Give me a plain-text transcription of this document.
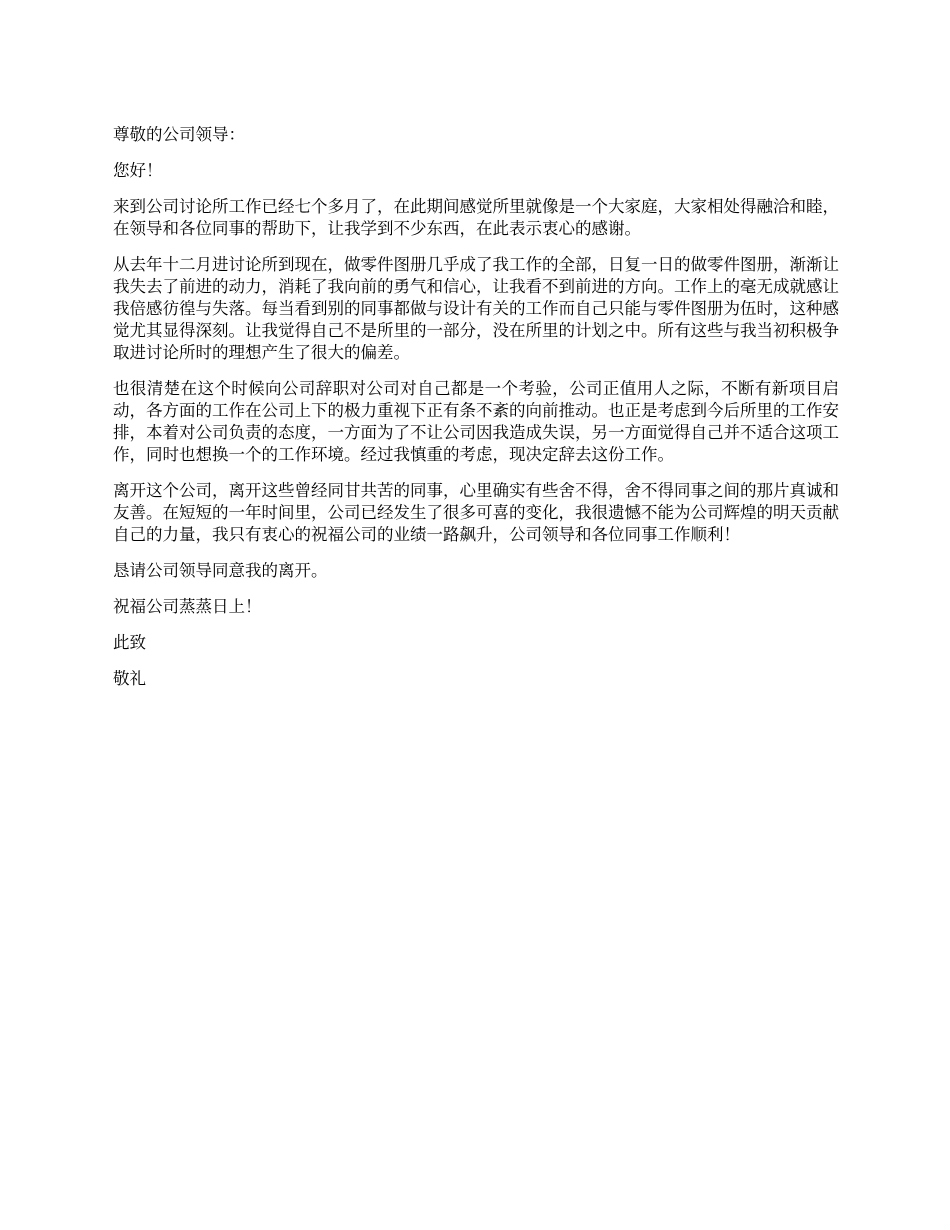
尊敬的公司领导：

您好！

来到公司讨论所工作已经七个多月了，在此期间感觉所里就像是一个大家庭，大家相处得融洽和睦，在领导和各位同事的帮助下，让我学到不少东西，在此表示衷心的感谢。

从去年十二月进讨论所到现在，做零件图册几乎成了我工作的全部，日复一日的做零件图册，渐渐让我失去了前进的动力，消耗了我向前的勇气和信心，让我看不到前进的方向。工作上的毫无成就感让我倍感彷徨与失落。每当看到别的同事都做与设计有关的工作而自己只能与零件图册为伍时，这种感觉尤其显得深刻。让我觉得自己不是所里的一部分，没在所里的计划之中。所有这些与我当初积极争取进讨论所时的理想产生了很大的偏差。

也很清楚在这个时候向公司辞职对公司对自己都是一个考验，公司正值用人之际，不断有新项目启动，各方面的工作在公司上下的极力重视下正有条不紊的向前推动。也正是考虑到今后所里的工作安排，本着对公司负责的态度，一方面为了不让公司因我造成失误，另一方面觉得自己并不适合这项工作，同时也想换一个的工作环境。经过我慎重的考虑，现决定辞去这份工作。

离开这个公司，离开这些曾经同甘共苦的同事，心里确实有些舍不得，舍不得同事之间的那片真诚和友善。在短短的一年时间里，公司已经发生了很多可喜的变化，我很遗憾不能为公司辉煌的明天贡献自己的力量，我只有衷心的祝福公司的业绩一路飙升，公司领导和各位同事工作顺利！

恳请公司领导同意我的离开。

祝福公司蒸蒸日上！

此致

敬礼
